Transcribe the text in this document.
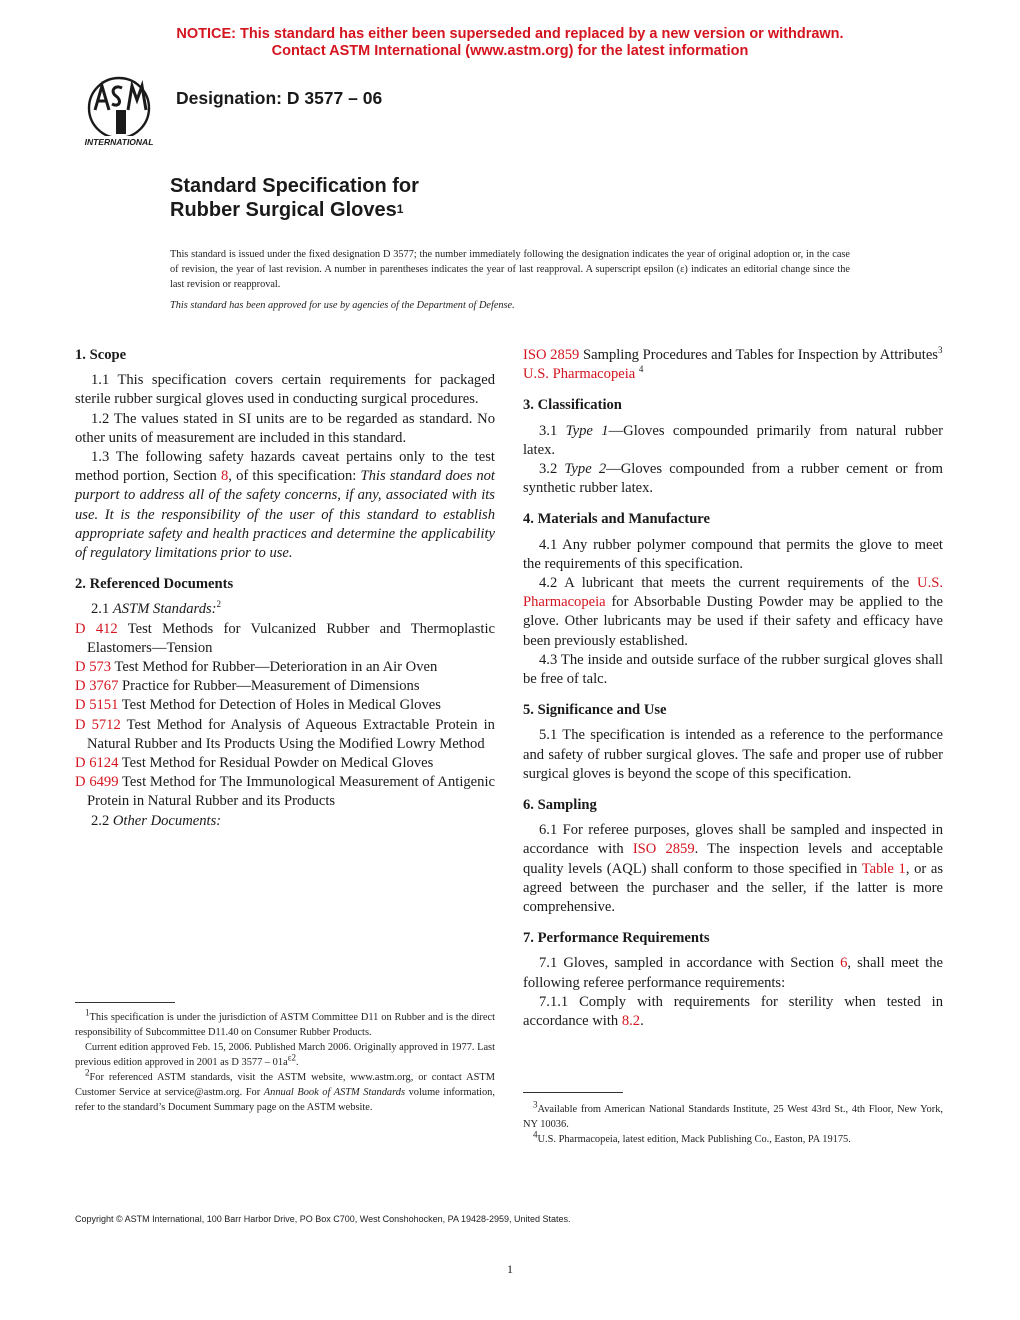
NOTICE: This standard has either been superseded and replaced by a new version or withdrawn.
Contact ASTM International (www.astm.org) for the latest information
INTERNATIONAL
Designation: D 3577 – 06
Standard Specification for
Rubber Surgical Gloves$^1$
This standard is issued under the fixed designation D 3577; the number immediately following the designation indicates the year of original adoption or, in the case of revision, the year of last revision. A number in parentheses indicates the year of last reapproval. A superscript epsilon (ε) indicates an editorial change since the last revision or reapproval.
This standard has been approved for use by agencies of the Department of Defense.

1. Scope

1.1 This specification covers certain requirements for packaged sterile rubber surgical gloves used in conducting surgical procedures.

1.2 The values stated in SI units are to be regarded as standard. No other units of measurement are included in this standard.

1.3 The following safety hazards caveat pertains only to the test method portion, Section 8, of this specification: This standard does not purport to address all of the safety concerns, if any, associated with its use. It is the responsibility of the user of this standard to establish appropriate safety and health practices and determine the applicability of regulatory limitations prior to use.

2. Referenced Documents

2.1 ASTM Standards:$^2$

D 412 Test Methods for Vulcanized Rubber and Thermoplastic Elastomers—Tension

D 573 Test Method for Rubber—Deterioration in an Air Oven

D 3767 Practice for Rubber—Measurement of Dimensions

D 5151 Test Method for Detection of Holes in Medical Gloves

D 5712 Test Method for Analysis of Aqueous Extractable Protein in Natural Rubber and Its Products Using the Modified Lowry Method

D 6124 Test Method for Residual Powder on Medical Gloves

D 6499 Test Method for The Immunological Measurement of Antigenic Protein in Natural Rubber and its Products

2.2 Other Documents:

ISO 2859 Sampling Procedures and Tables for Inspection by Attributes$^3$

U.S. Pharmacopeia $^4$

3. Classification

3.1 Type 1—Gloves compounded primarily from natural rubber latex.

3.2 Type 2—Gloves compounded from a rubber cement or from synthetic rubber latex.

4. Materials and Manufacture

4.1 Any rubber polymer compound that permits the glove to meet the requirements of this specification.

4.2 A lubricant that meets the current requirements of the U.S. Pharmacopeia for Absorbable Dusting Powder may be applied to the glove. Other lubricants may be used if their safety and efficacy have been previously established.

4.3 The inside and outside surface of the rubber surgical gloves shall be free of talc.

5. Significance and Use

5.1 The specification is intended as a reference to the performance and safety of rubber surgical gloves. The safe and proper use of rubber surgical gloves is beyond the scope of this specification.

6. Sampling

6.1 For referee purposes, gloves shall be sampled and inspected in accordance with ISO 2859. The inspection levels and acceptable quality levels (AQL) shall conform to those specified in Table 1, or as agreed between the purchaser and the seller, if the latter is more comprehensive.

7. Performance Requirements

7.1 Gloves, sampled in accordance with Section 6, shall meet the following referee performance requirements:

7.1.1 Comply with requirements for sterility when tested in accordance with 8.2.

$^1$This specification is under the jurisdiction of ASTM Committee D11 on Rubber and is the direct responsibility of Subcommittee D11.40 on Consumer Rubber Products.

Current edition approved Feb. 15, 2006. Published March 2006. Originally approved in 1977. Last previous edition approved in 2001 as D $3577 - 01a^{\varepsilon 2}$.

$^2$For referenced ASTM standards, visit the ASTM website, www.astm.org, or contact ASTM Customer Service at service@astm.org. For Annual Book of ASTM Standards volume information, refer to the standard’s Document Summary page on the ASTM website.	$^3$Available from American National Standards Institute, 25 West 43rd St., 4th Floor, New York, NY 10036.

$^4$U.S. Pharmacopeia, latest edition, Mack Publishing Co., Easton, PA 19175.

Copyright © ASTM International, 100 Barr Harbor Drive, PO Box C700, West Conshohocken, PA 19428-2959, United States.
1
